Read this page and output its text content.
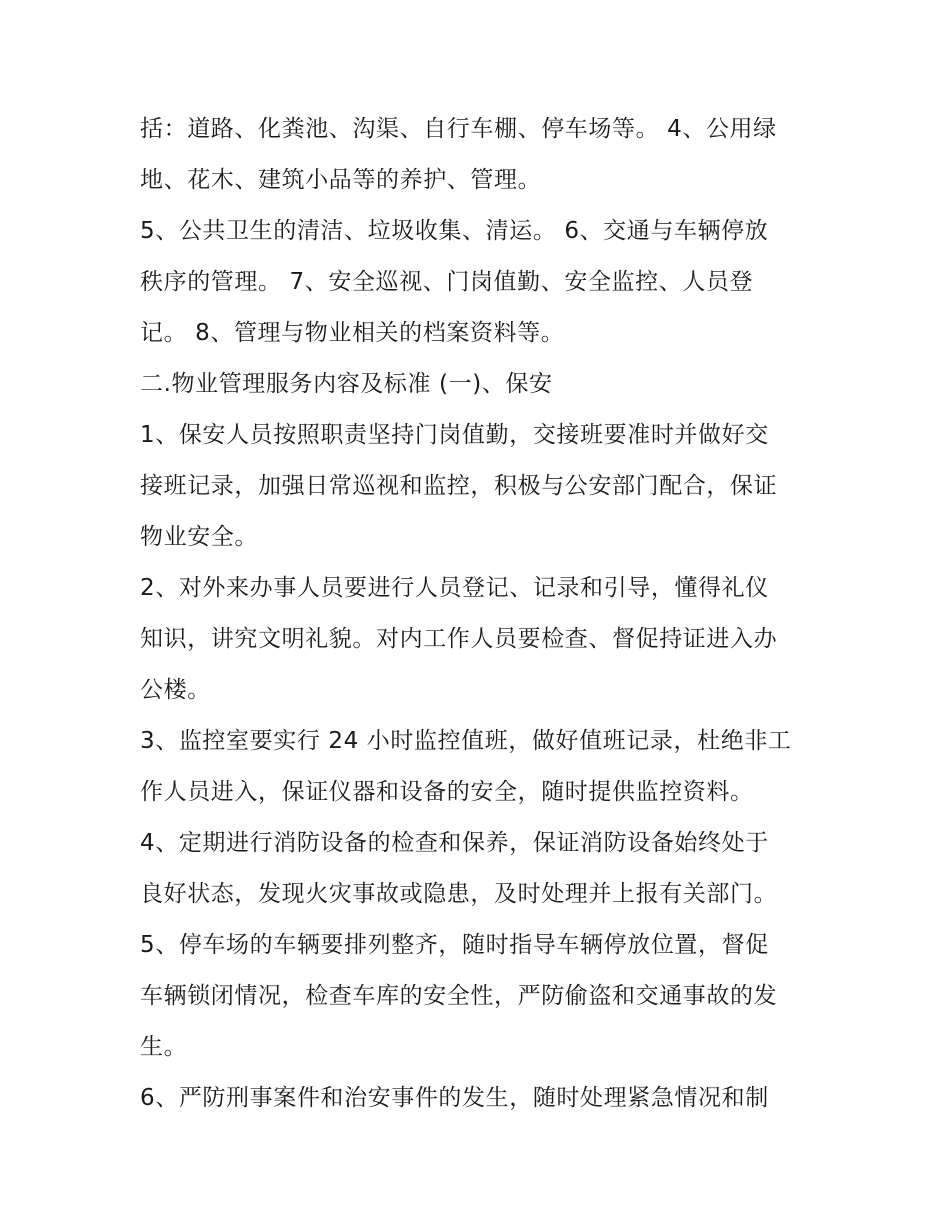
括：道路、化粪池、沟渠、自行车棚、停车场等。 4、公用绿
地、花木、建筑小品等的养护、管理。
5、公共卫生的清洁、垃圾收集、清运。 6、交通与车辆停放
秩序的管理。 7、安全巡视、门岗值勤、安全监控、人员登
记。 8、管理与物业相关的档案资料等。
二.物业管理服务内容及标准 (一)、保安
1、保安人员按照职责坚持门岗值勤，交接班要准时并做好交
接班记录，加强日常巡视和监控，积极与公安部门配合，保证
物业安全。
2、对外来办事人员要进行人员登记、记录和引导，懂得礼仪
知识，讲究文明礼貌。对内工作人员要检查、督促持证进入办
公楼。
3、监控室要实行 24 小时监控值班，做好值班记录，杜绝非工
作人员进入，保证仪器和设备的安全，随时提供监控资料。
4、定期进行消防设备的检查和保养，保证消防设备始终处于
良好状态，发现火灾事故或隐患，及时处理并上报有关部门。
5、停车场的车辆要排列整齐，随时指导车辆停放位置，督促
车辆锁闭情况，检查车库的安全性，严防偷盗和交通事故的发
生。
6、严防刑事案件和治安事件的发生，随时处理紧急情况和制
